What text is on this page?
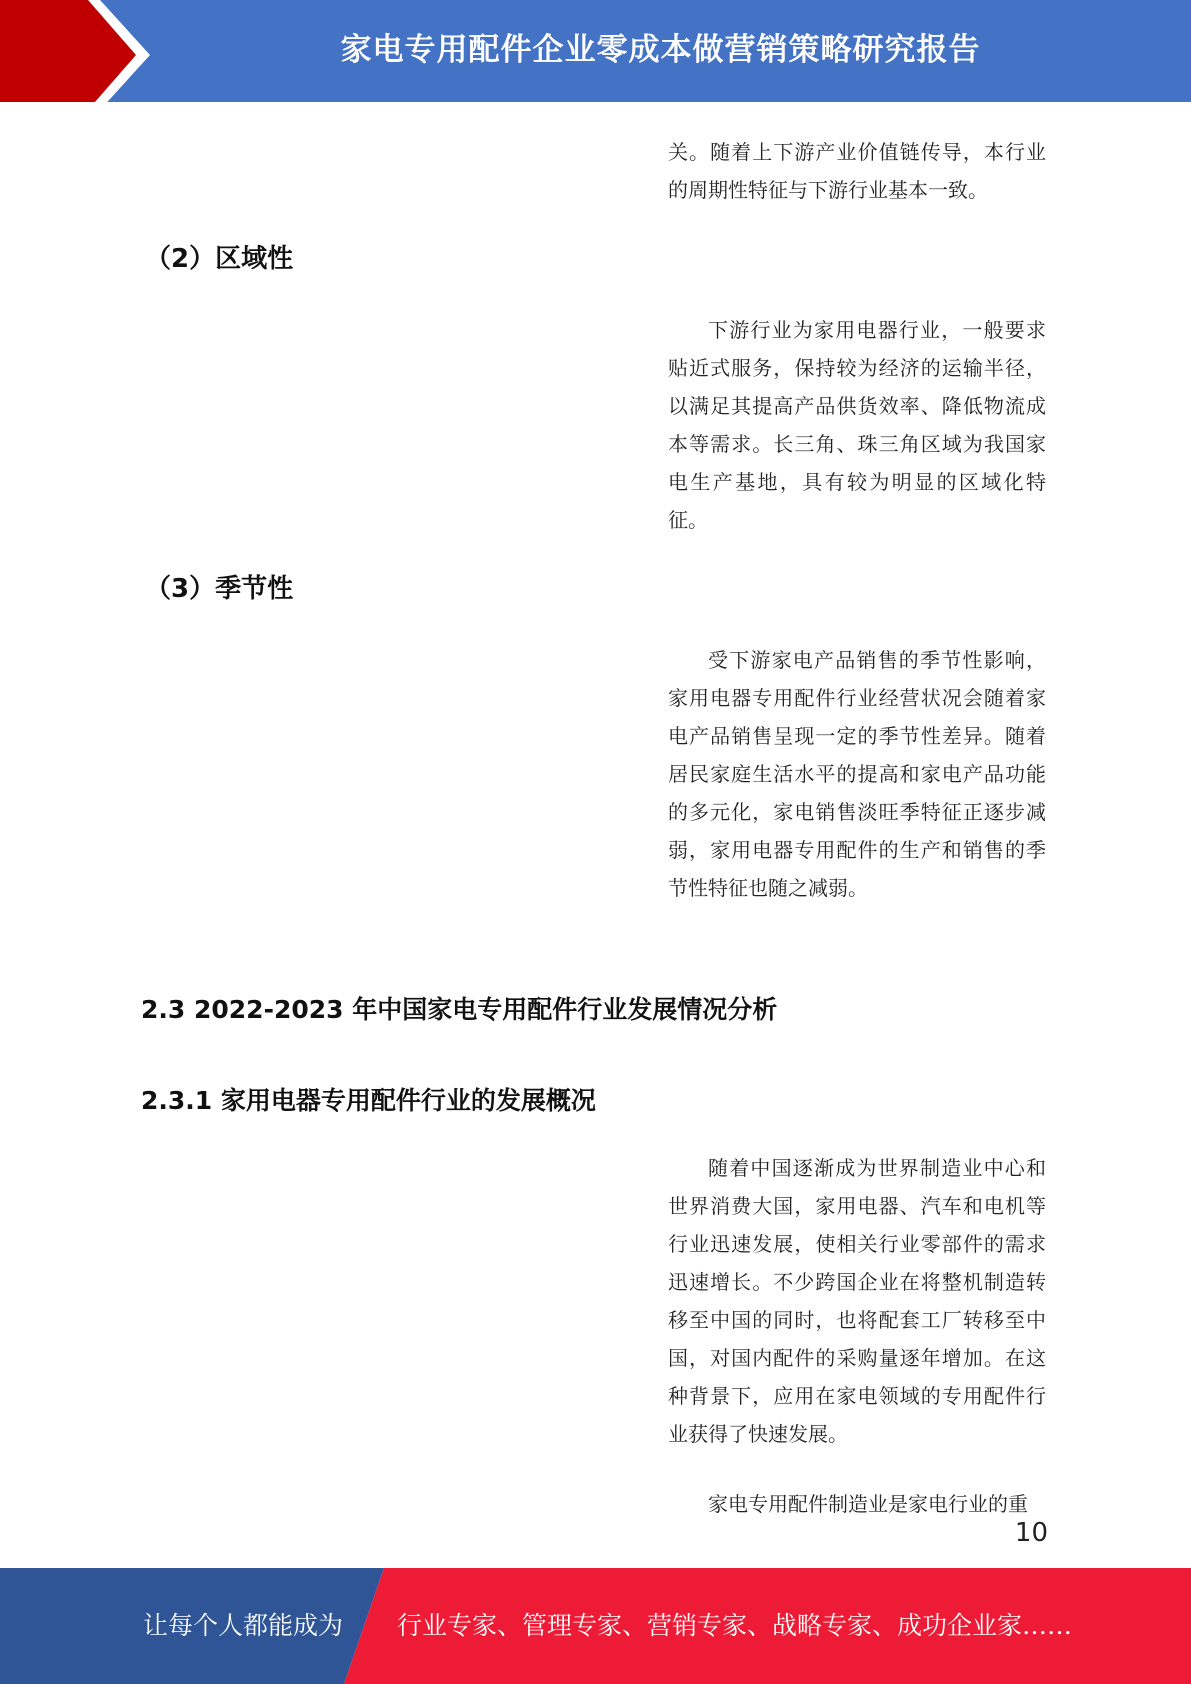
家电专用配件企业零成本做营销策略研究报告

关。随着上下游产业价值链传导，本行业的周期性特征与下游行业基本一致。

（2）区域性

下游行业为家用电器行业，一般要求贴近式服务，保持较为经济的运输半径，以满足其提高产品供货效率、降低物流成本等需求。长三角、珠三角区域为我国家电生产基地，具有较为明显的区域化特征。

（3）季节性

受下游家电产品销售的季节性影响，家用电器专用配件行业经营状况会随着家电产品销售呈现一定的季节性差异。随着居民家庭生活水平的提高和家电产品功能的多元化，家电销售淡旺季特征正逐步减弱，家用电器专用配件的生产和销售的季节性特征也随之减弱。

2.3 2022-2023 年中国家电专用配件行业发展情况分析
2.3.1 家用电器专用配件行业的发展概况

随着中国逐渐成为世界制造业中心和世界消费大国，家用电器、汽车和电机等行业迅速发展，使相关行业零部件的需求迅速增长。不少跨国企业在将整机制造转移至中国的同时，也将配套工厂转移至中国，对国内配件的采购量逐年增加。在这种背景下，应用在家电领域的专用配件行业获得了快速发展。

家电专用配件制造业是家电行业的重

10
让每个人都能成为 行业专家、管理专家、营销专家、战略专家、成功企业家……
